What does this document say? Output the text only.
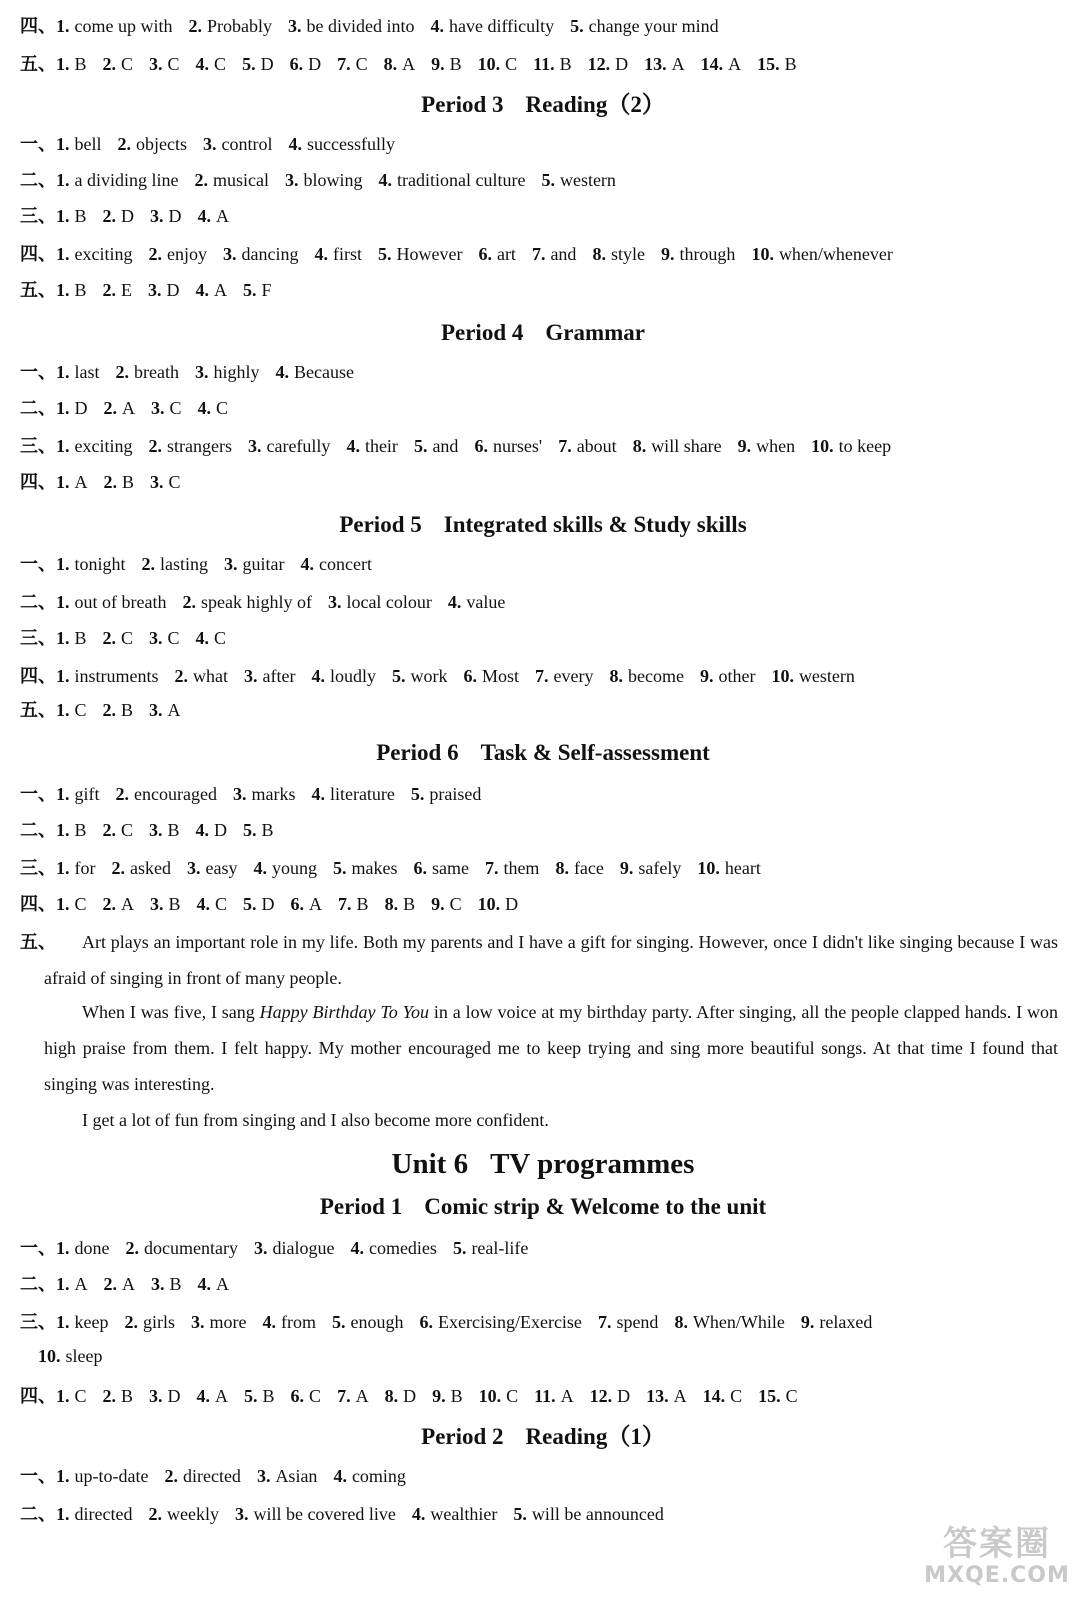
四、1. come up with 2. Probably 3. be divided into 4. have difficulty 5. change your mind
五、1. B 2. C 3. C 4. C 5. D 6. D 7. C 8. A 9. B 10. C 11. B 12. D 13. A 14. A 15. B
Period 3 Reading（2）
一、1. bell 2. objects 3. control 4. successfully
二、1. a dividing line 2. musical 3. blowing 4. traditional culture 5. western
三、1. B 2. D 3. D 4. A
四、1. exciting 2. enjoy 3. dancing 4. first 5. However 6. art 7. and 8. style 9. through 10. when/whenever
五、1. B 2. E 3. D 4. A 5. F
Period 4 Grammar
一、1. last 2. breath 3. highly 4. Because
二、1. D 2. A 3. C 4. C
三、1. exciting 2. strangers 3. carefully 4. their 5. and 6. nurses' 7. about 8. will share 9. when 10. to keep
四、1. A 2. B 3. C
Period 5 Integrated skills & Study skills
一、1. tonight 2. lasting 3. guitar 4. concert
二、1. out of breath 2. speak highly of 3. local colour 4. value
三、1. B 2. C 3. C 4. C
四、1. instruments 2. what 3. after 4. loudly 5. work 6. Most 7. every 8. become 9. other 10. western
五、1. C 2. B 3. A
Period 6 Task & Self-assessment
一、1. gift 2. encouraged 3. marks 4. literature 5. praised
二、1. B 2. C 3. B 4. D 5. B
三、1. for 2. asked 3. easy 4. young 5. makes 6. same 7. them 8. face 9. safely 10. heart
四、1. C 2. A 3. B 4. C 5. D 6. A 7. B 8. B 9. C 10. D
五、	Art plays an important role in my life. Both my parents and I have a gift for singing. However, once I didn't like singing because I was afraid of singing in front of many people.

When I was five, I sang Happy Birthday To You in a low voice at my birthday party. After singing, all the people clapped hands. I won high praise from them. I felt happy. My mother encouraged me to keep trying and sing more beautiful songs. At that time I found that singing was interesting.

I get a lot of fun from singing and I also become more confident.

Unit 6 TV programmes
Period 1 Comic strip & Welcome to the unit
一、1. done 2. documentary 3. dialogue 4. comedies 5. real-life
二、1. A 2. A 3. B 4. A
三、1. keep 2. girls 3. more 4. from 5. enough 6. Exercising/Exercise 7. spend 8. When/While 9. relaxed
10. sleep
四、1. C 2. B 3. D 4. A 5. B 6. C 7. A 8. D 9. B 10. C 11. A 12. D 13. A 14. C 15. C
Period 2 Reading（1）
一、1. up-to-date 2. directed 3. Asian 4. coming
二、1. directed 2. weekly 3. will be covered live 4. wealthier 5. will be announced
答案圈
MXQE.COM
